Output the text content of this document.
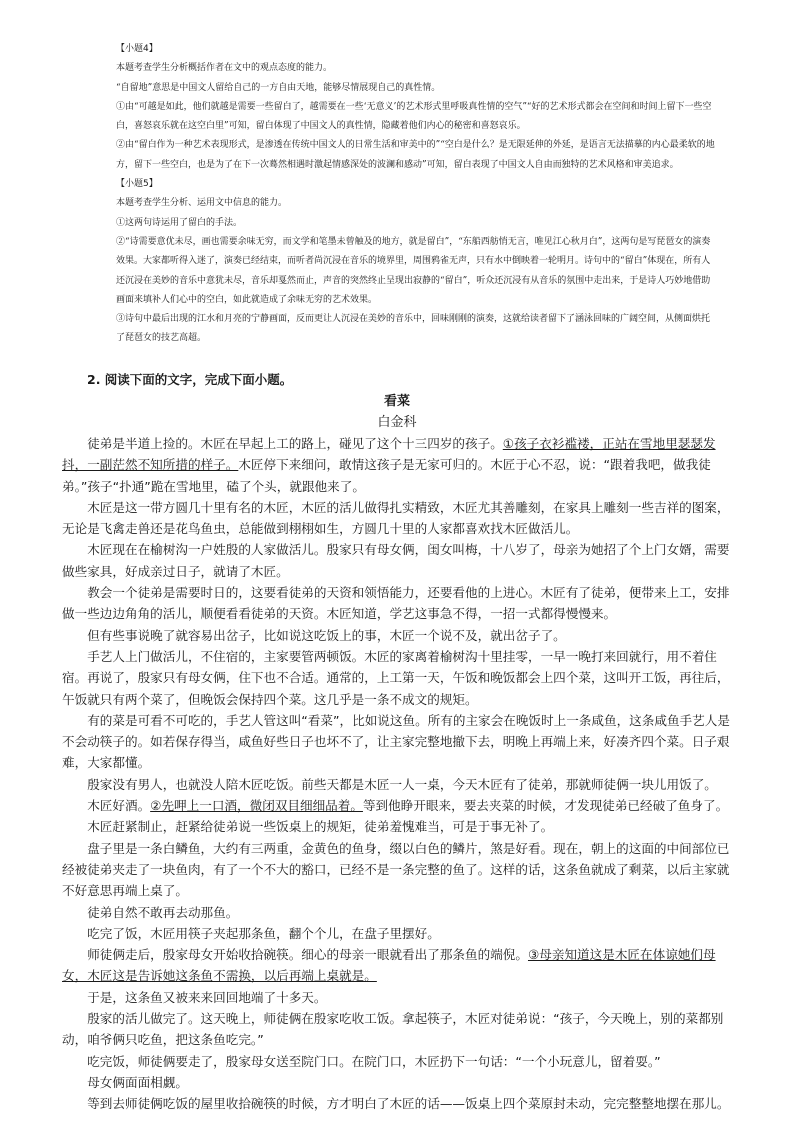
【小题4】

本题考查学生分析概括作者在文中的观点态度的能力。

“自留地”意思是中国文人留给自己的一方自由天地，能够尽情展现自己的真性情。

①由“可越是如此，他们就越是需要一些留白了，越需要在一些‘无意义’的艺术形式里呼吸真性情的空气”“好的艺术形式都会在空间和时间上留下一些空白，喜怒哀乐就在这空白里”可知，留白体现了中国文人的真性情，隐藏着他们内心的秘密和喜怒哀乐。

②由“留白作为一种艺术表现形式，是渗透在传统中国文人的日常生活和审美中的”“空白是什么？是无限延伸的外延，是语言无法描摹的内心最柔软的地方，留下一些空白，也是为了在下一次蓦然相遇时激起情感深处的波澜和感动”可知，留白表现了中国文人自由而独特的艺术风格和审美追求。

【小题5】

本题考查学生分析、运用文中信息的能力。

①这两句诗运用了留白的手法。

②“诗需要意优未尽，画也需要余味无穷，而文学和笔墨未曾触及的地方，就是留白”，“东船西舫悄无言，唯见江心秋月白”，这两句是写琵琶女的演奏效果。大家都听得入迷了，演奏已经结束，而听者尚沉浸在音乐的境界里，周围鸦雀无声，只有水中倒映着一轮明月。诗句中的“留白”体现在，所有人还沉浸在美妙的音乐中意犹未尽，音乐却戛然而止，声音的突然终止呈现出寂静的“留白”，听众还沉浸有从音乐的氛围中走出来，于是诗人巧妙地借助画面来填补人们心中的空白，如此就造成了余味无穷的艺术效果。

③诗句中最后出现的江水和月亮的宁静画面，反而更让人沉浸在美妙的音乐中，回味刚刚的演奏，这就给读者留下了涵泳回味的广阔空间，从侧面烘托了琵琶女的技艺高超。

2. 阅读下面的文字，完成下面小题。
看菜
白金科

徒弟是半道上捡的。木匠在早起上工的路上，碰见了这个十三四岁的孩子。①孩子衣衫褴褛，正站在雪地里瑟瑟发抖，一副茫然不知所措的样子。木匠停下来细问，敢情这孩子是无家可归的。木匠于心不忍，说：“跟着我吧，做我徒弟。”孩子“扑通”跪在雪地里，磕了个头，就跟他来了。

木匠是这一带方圆几十里有名的木匠，木匠的活儿做得扎实精致，木匠尤其善雕刻，在家具上雕刻一些吉祥的图案，无论是飞禽走兽还是花鸟鱼虫，总能做到栩栩如生，方圆几十里的人家都喜欢找木匠做活儿。

木匠现在在榆树沟一户姓殷的人家做活儿。殷家只有母女俩，闺女叫梅，十八岁了，母亲为她招了个上门女婿，需要做些家具，好成亲过日子，就请了木匠。

教会一个徒弟是需要时日的，这要看徒弟的天资和领悟能力，还要看他的上进心。木匠有了徒弟，便带来上工，安排做一些边边角角的活儿，顺便看看徒弟的天资。木匠知道，学艺这事急不得，一招一式都得慢慢来。

但有些事说晚了就容易出岔子，比如说这吃饭上的事，木匠一个说不及，就出岔子了。

手艺人上门做活儿，不住宿的，主家要管两顿饭。木匠的家离着榆树沟十里挂零，一早一晚打来回就行，用不着住宿。再说了，殷家只有母女俩，住下也不合适。通常的，上工第一天，午饭和晚饭都会上四个菜，这叫开工饭，再往后，午饭就只有两个菜了，但晚饭会保持四个菜。这几乎是一条不成文的规矩。

有的菜是可看不可吃的，手艺人管这叫“看菜”，比如说这鱼。所有的主家会在晚饭时上一条咸鱼，这条咸鱼手艺人是不会动筷子的。如若保存得当，咸鱼好些日子也坏不了，让主家完整地撤下去，明晚上再端上来，好凑齐四个菜。日子艰难，大家都懂。

殷家没有男人，也就没人陪木匠吃饭。前些天都是木匠一人一桌，今天木匠有了徒弟，那就师徒俩一块儿用饭了。

木匠好酒。②先呷上一口酒，微闭双目细细品着。等到他睁开眼来，要去夹菜的时候，才发现徒弟已经破了鱼身了。

木匠赶紧制止，赶紧给徒弟说一些饭桌上的规矩，徒弟羞愧难当，可是于事无补了。

盘子里是一条白鳞鱼，大约有三两重，金黄色的鱼身，缀以白色的鳞片，煞是好看。现在，朝上的这面的中间部位已经被徒弟夹走了一块鱼肉，有了一个不大的豁口，已经不是一条完整的鱼了。这样的话，这条鱼就成了剩菜，以后主家就不好意思再端上桌了。

徒弟自然不敢再去动那鱼。

吃完了饭，木匠用筷子夹起那条鱼，翻个个儿，在盘子里摆好。

师徒俩走后，殷家母女开始收拾碗筷。细心的母亲一眼就看出了那条鱼的端倪。③母亲知道这是木匠在体谅她们母女，木匠这是告诉她这条鱼不需换，以后再端上桌就是。

于是，这条鱼又被来来回回地端了十多天。

殷家的活儿做完了。这天晚上，师徒俩在殷家吃收工饭。拿起筷子，木匠对徒弟说：“孩子，今天晚上，别的菜都别动，咱爷俩只吃鱼，把这条鱼吃完。”

吃完饭，师徒俩要走了，殷家母女送至院门口。在院门口，木匠扔下一句话：“一个小玩意儿，留着耍。”

母女俩面面相觑。

等到去师徒俩吃饭的屋里收拾碗筷的时候，方才明白了木匠的话——饭桌上四个菜原封未动，完完整整地摆在那儿。
